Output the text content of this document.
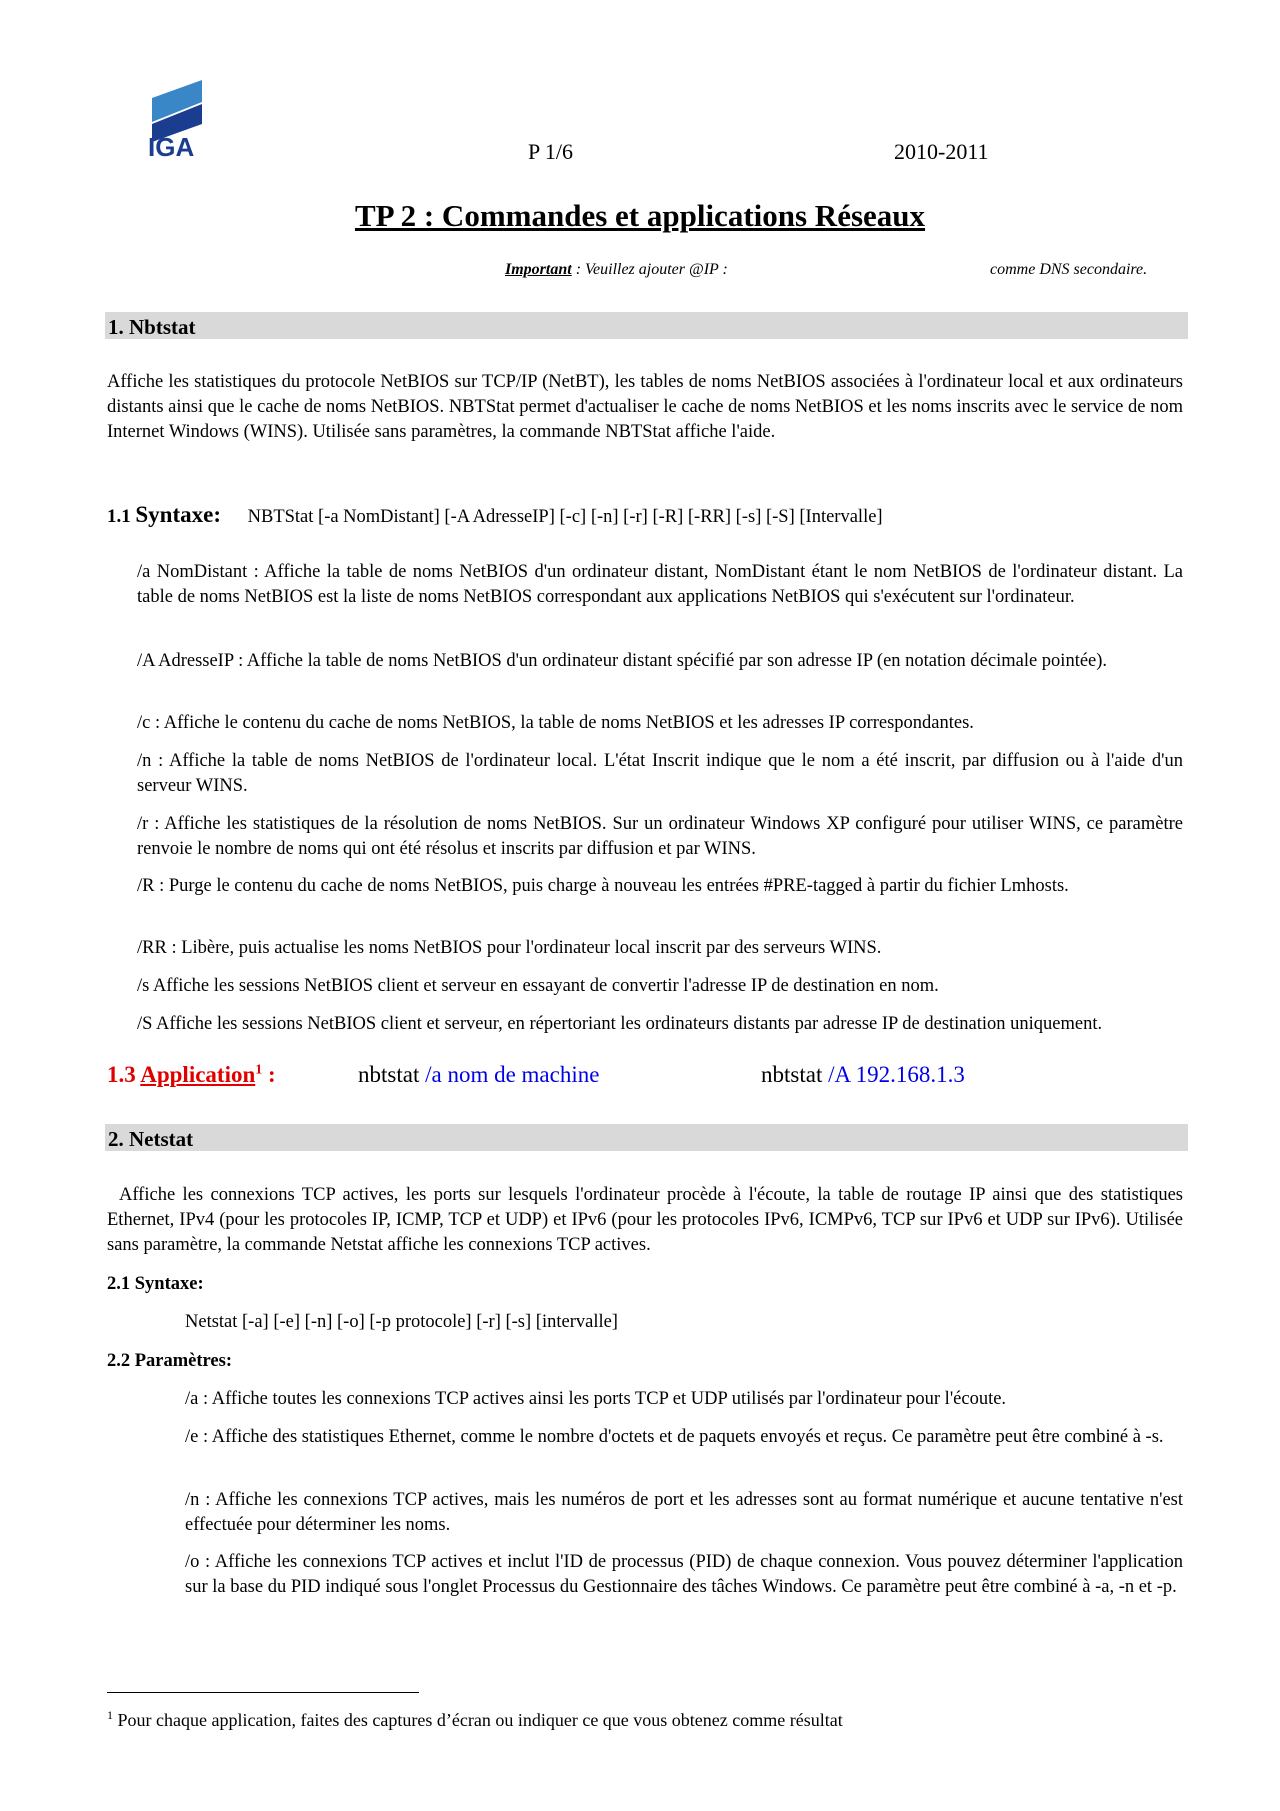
IGA	P 1/6	2010-2011
TP 2 : Commandes et applications Réseaux
Important : Veuillez ajouter @IP :	comme DNS secondaire.
1. Nbtstat
Affiche les statistiques du protocole NetBIOS sur TCP/IP (NetBT), les tables de noms NetBIOS associées à l'ordinateur local et aux ordinateurs distants ainsi que le cache de noms NetBIOS. NBTStat permet d'actualiser le cache de noms NetBIOS et les noms inscrits avec le service de nom Internet Windows (WINS). Utilisée sans paramètres, la commande NBTStat affiche l'aide.
1.1 Syntaxe: NBTStat [-a NomDistant] [-A AdresseIP] [-c] [-n] [-r] [-R] [-RR] [-s] [-S] [Intervalle]
/a NomDistant : Affiche la table de noms NetBIOS d'un ordinateur distant, NomDistant étant le nom NetBIOS de l'ordinateur distant. La table de noms NetBIOS est la liste de noms NetBIOS correspondant aux applications NetBIOS qui s'exécutent sur l'ordinateur.
/A AdresseIP : Affiche la table de noms NetBIOS d'un ordinateur distant spécifié par son adresse IP (en notation décimale pointée).
/c : Affiche le contenu du cache de noms NetBIOS, la table de noms NetBIOS et les adresses IP correspondantes.
/n : Affiche la table de noms NetBIOS de l'ordinateur local. L'état Inscrit indique que le nom a été inscrit, par diffusion ou à l'aide d'un serveur WINS.
/r : Affiche les statistiques de la résolution de noms NetBIOS. Sur un ordinateur Windows XP configuré pour utiliser WINS, ce paramètre renvoie le nombre de noms qui ont été résolus et inscrits par diffusion et par WINS.
/R : Purge le contenu du cache de noms NetBIOS, puis charge à nouveau les entrées #PRE-tagged à partir du fichier Lmhosts.
/RR : Libère, puis actualise les noms NetBIOS pour l'ordinateur local inscrit par des serveurs WINS.
/s Affiche les sessions NetBIOS client et serveur en essayant de convertir l'adresse IP de destination en nom.
/S Affiche les sessions NetBIOS client et serveur, en répertoriant les ordinateurs distants par adresse IP de destination uniquement.
1.3 Application$^1$ :	nbtstat /a nom de machine	nbtstat /A 192.168.1.3
2. Netstat
Affiche les connexions TCP actives, les ports sur lesquels l'ordinateur procède à l'écoute, la table de routage IP ainsi que des statistiques Ethernet, IPv4 (pour les protocoles IP, ICMP, TCP et UDP) et IPv6 (pour les protocoles IPv6, ICMPv6, TCP sur IPv6 et UDP sur IPv6). Utilisée sans paramètre, la commande Netstat affiche les connexions TCP actives.
2.1 Syntaxe:
Netstat [-a] [-e] [-n] [-o] [-p protocole] [-r] [-s] [intervalle]
2.2 Paramètres:
/a : Affiche toutes les connexions TCP actives ainsi les ports TCP et UDP utilisés par l'ordinateur pour l'écoute.
/e : Affiche des statistiques Ethernet, comme le nombre d'octets et de paquets envoyés et reçus. Ce paramètre peut être combiné à -s.
/n : Affiche les connexions TCP actives, mais les numéros de port et les adresses sont au format numérique et aucune tentative n'est effectuée pour déterminer les noms.
/o : Affiche les connexions TCP actives et inclut l'ID de processus (PID) de chaque connexion. Vous pouvez déterminer l'application sur la base du PID indiqué sous l'onglet Processus du Gestionnaire des tâches Windows. Ce paramètre peut être combiné à -a, -n et -p.
$^1$ Pour chaque application, faites des captures d’écran ou indiquer ce que vous obtenez comme résultat
